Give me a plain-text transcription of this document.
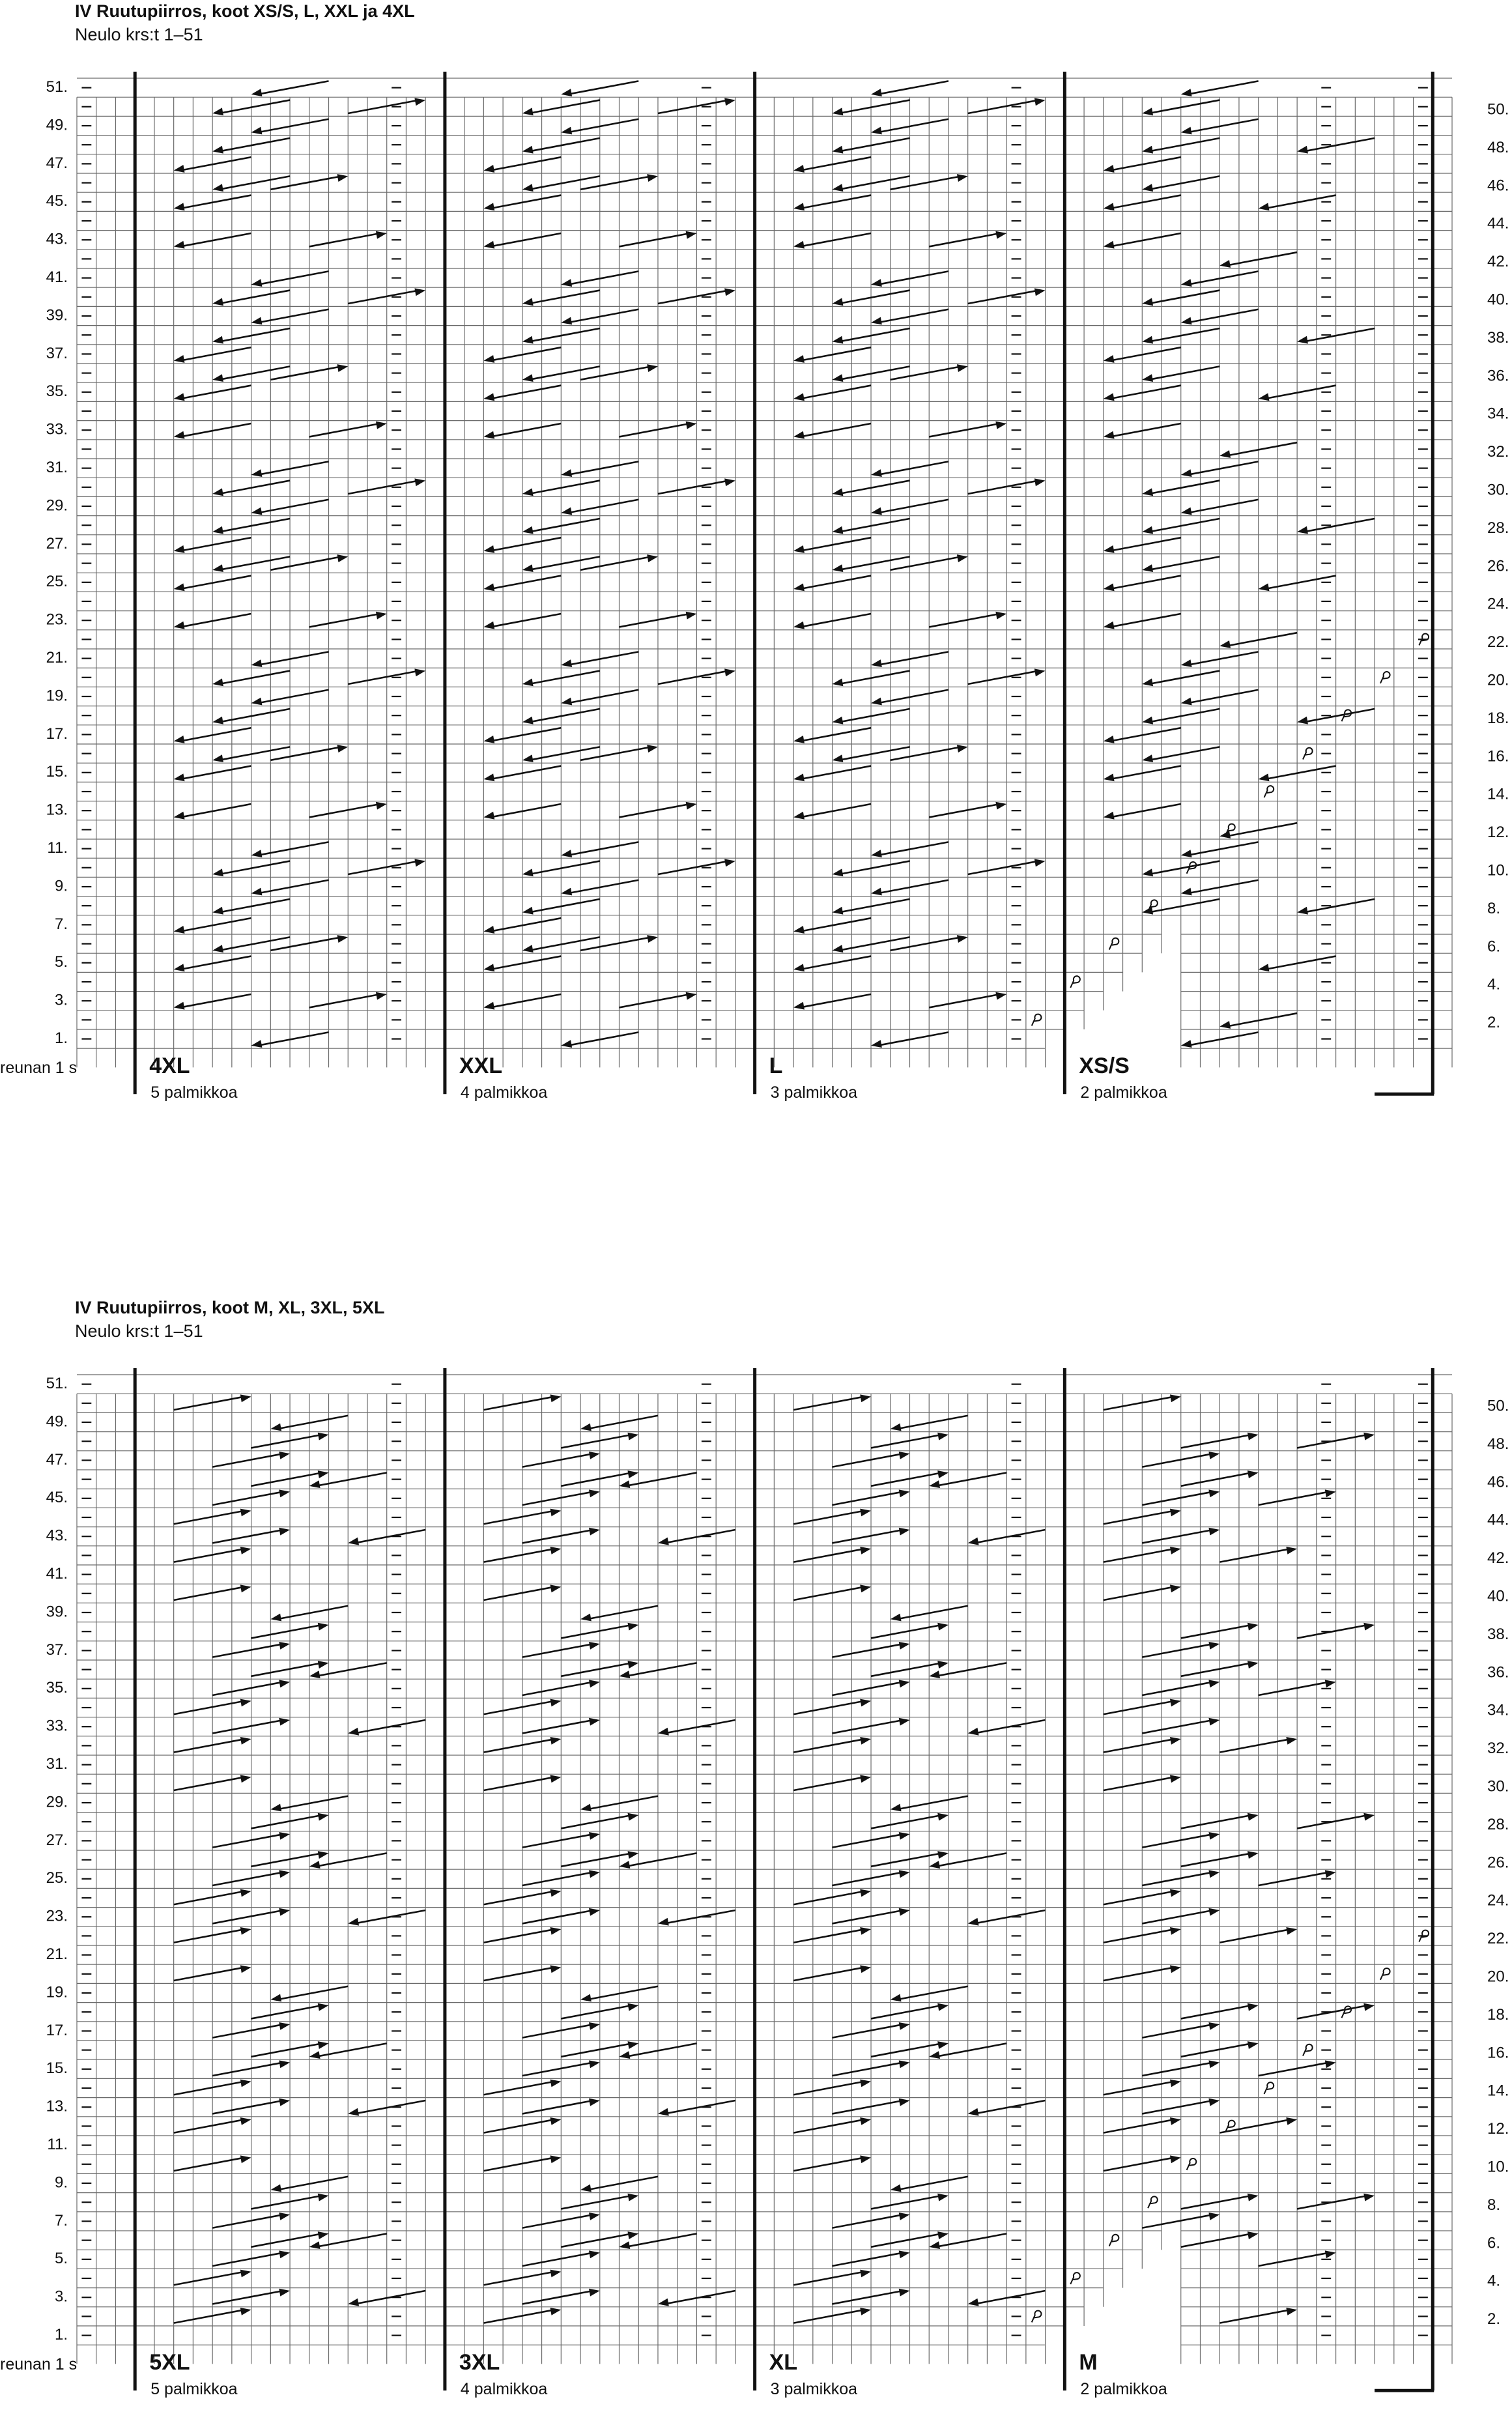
IV Ruutupiirros, koot XS/S, L, XXL ja 4XL
Neulo krs:t 1–51
51.
49.
47.
45.
43.
41.
39.
37.
35.
33.
31.
29.
27.
25.
23.
21.
19.
17.
15.
13.
11.
9.
7.
5.
3.
1.
50.
48.
46.
44.
42.
40.
38.
36.
34.
32.
30.
28.
26.
24.
22.
20.
18.
16.
14.
12.
10.
8.
6.
4.
2.
reunan 1 s	4XL
5 palmikkoa
XXL
4 palmikkoa
L
3 palmikkoa
XS/S
2 palmikkoa
IV Ruutupiirros, koot M, XL, 3XL, 5XL
Neulo krs:t 1–51
51.
49.
47.
45.
43.
41.
39.
37.
35.
33.
31.
29.
27.
25.
23.
21.
19.
17.
15.
13.
11.
9.
7.
5.
3.
1.
50.
48.
46.
44.
42.
40.
38.
36.
34.
32.
30.
28.
26.
24.
22.
20.
18.
16.
14.
12.
10.
8.
6.
4.
2.
reunan 1 s	5XL
5 palmikkoa
3XL
4 palmikkoa
XL
3 palmikkoa
M
2 palmikkoa
